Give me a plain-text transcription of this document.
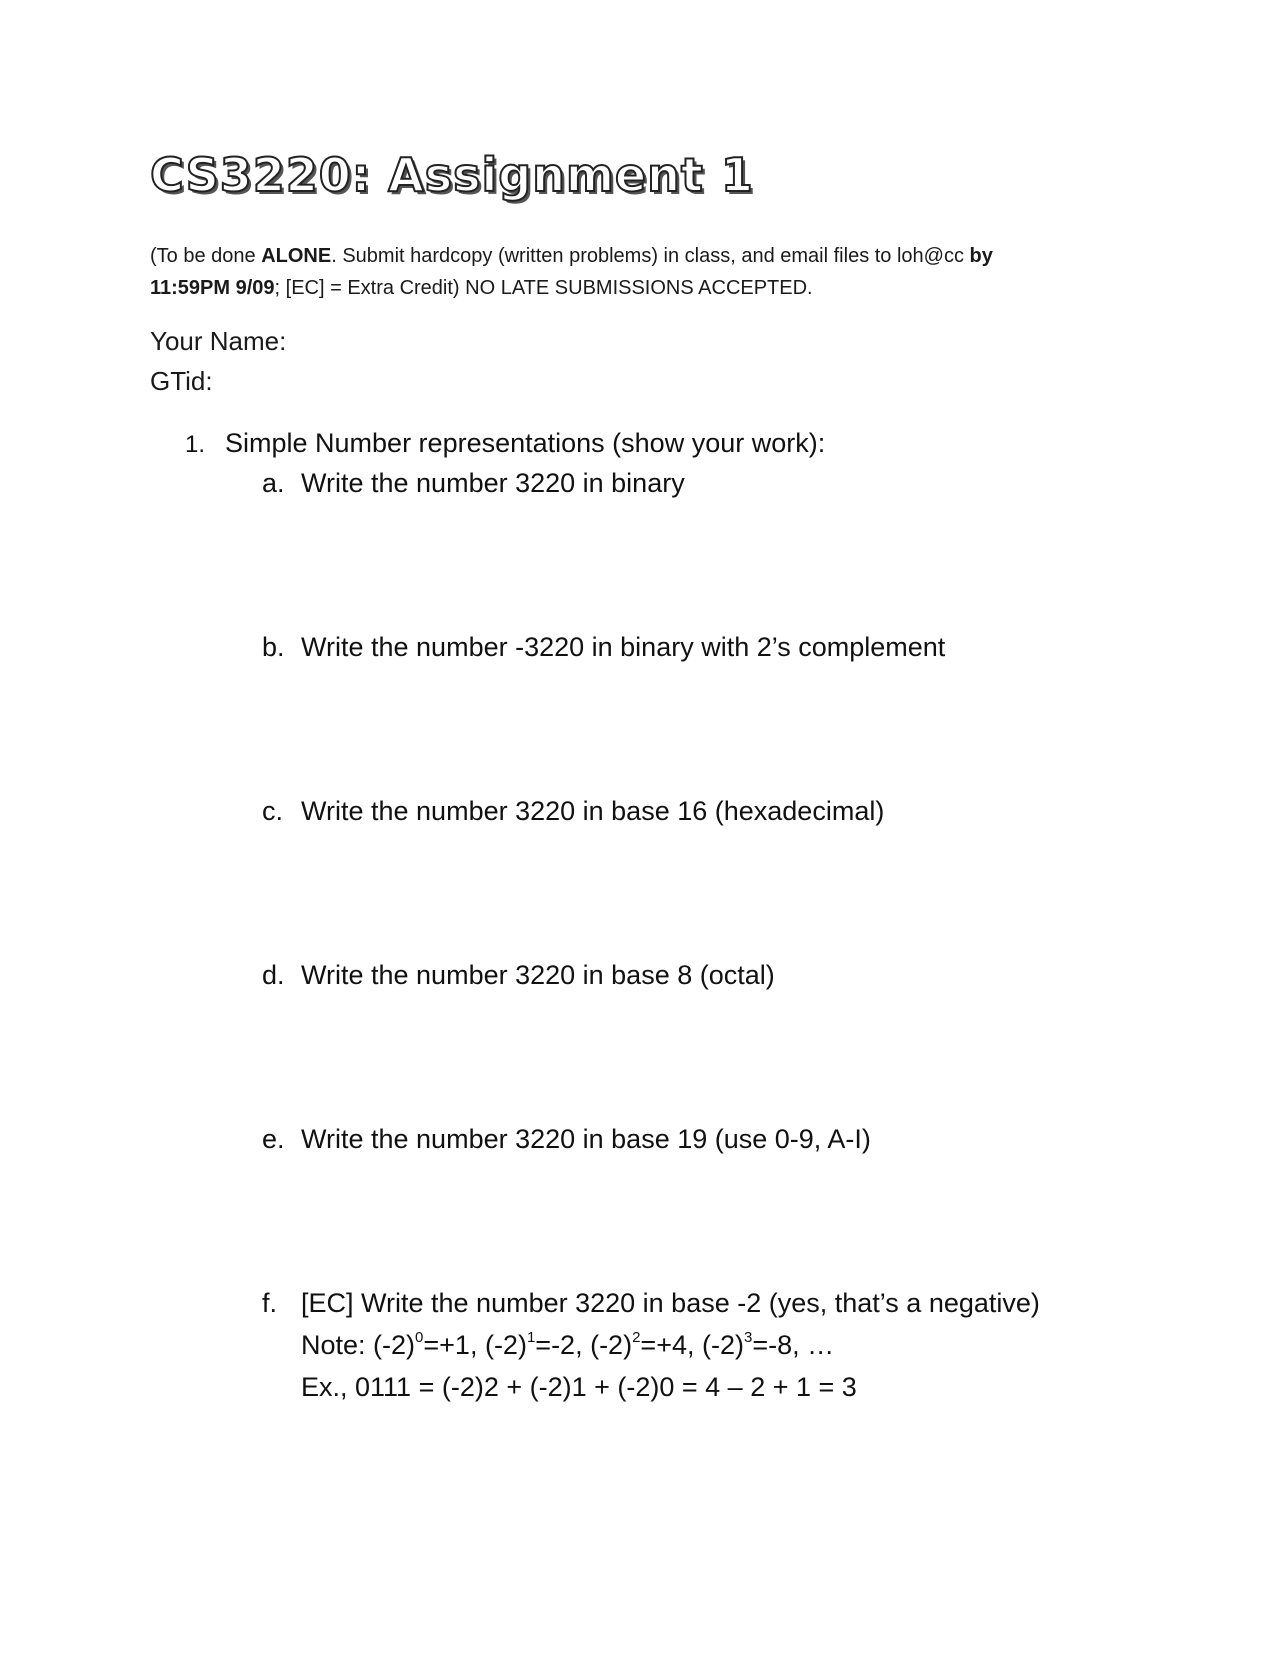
CS3220: Assignment 1
(To be done ALONE. Submit hardcopy (written problems) in class, and email files to loh@cc by
11:59PM 9/09; [EC] = Extra Credit) NO LATE SUBMISSIONS ACCEPTED.
Your Name:
GTid:
1. Simple Number representations (show your work):
a. Write the number 3220 in binary
b. Write the number -3220 in binary with 2’s complement
c. Write the number 3220 in base 16 (hexadecimal)
d. Write the number 3220 in base 8 (octal)
e. Write the number 3220 in base 19 (use 0-9, A-I)
f. [EC] Write the number 3220 in base -2 (yes, that’s a negative)
Note: $(-2)^0=+1$, $(-2)^1=-2$, $(-2)^2=+4$, $(-2)^3=-8$, …
Ex., 0111 = (-2)2 + (-2)1 + (-2)0 = 4 – 2 + 1 = 3
